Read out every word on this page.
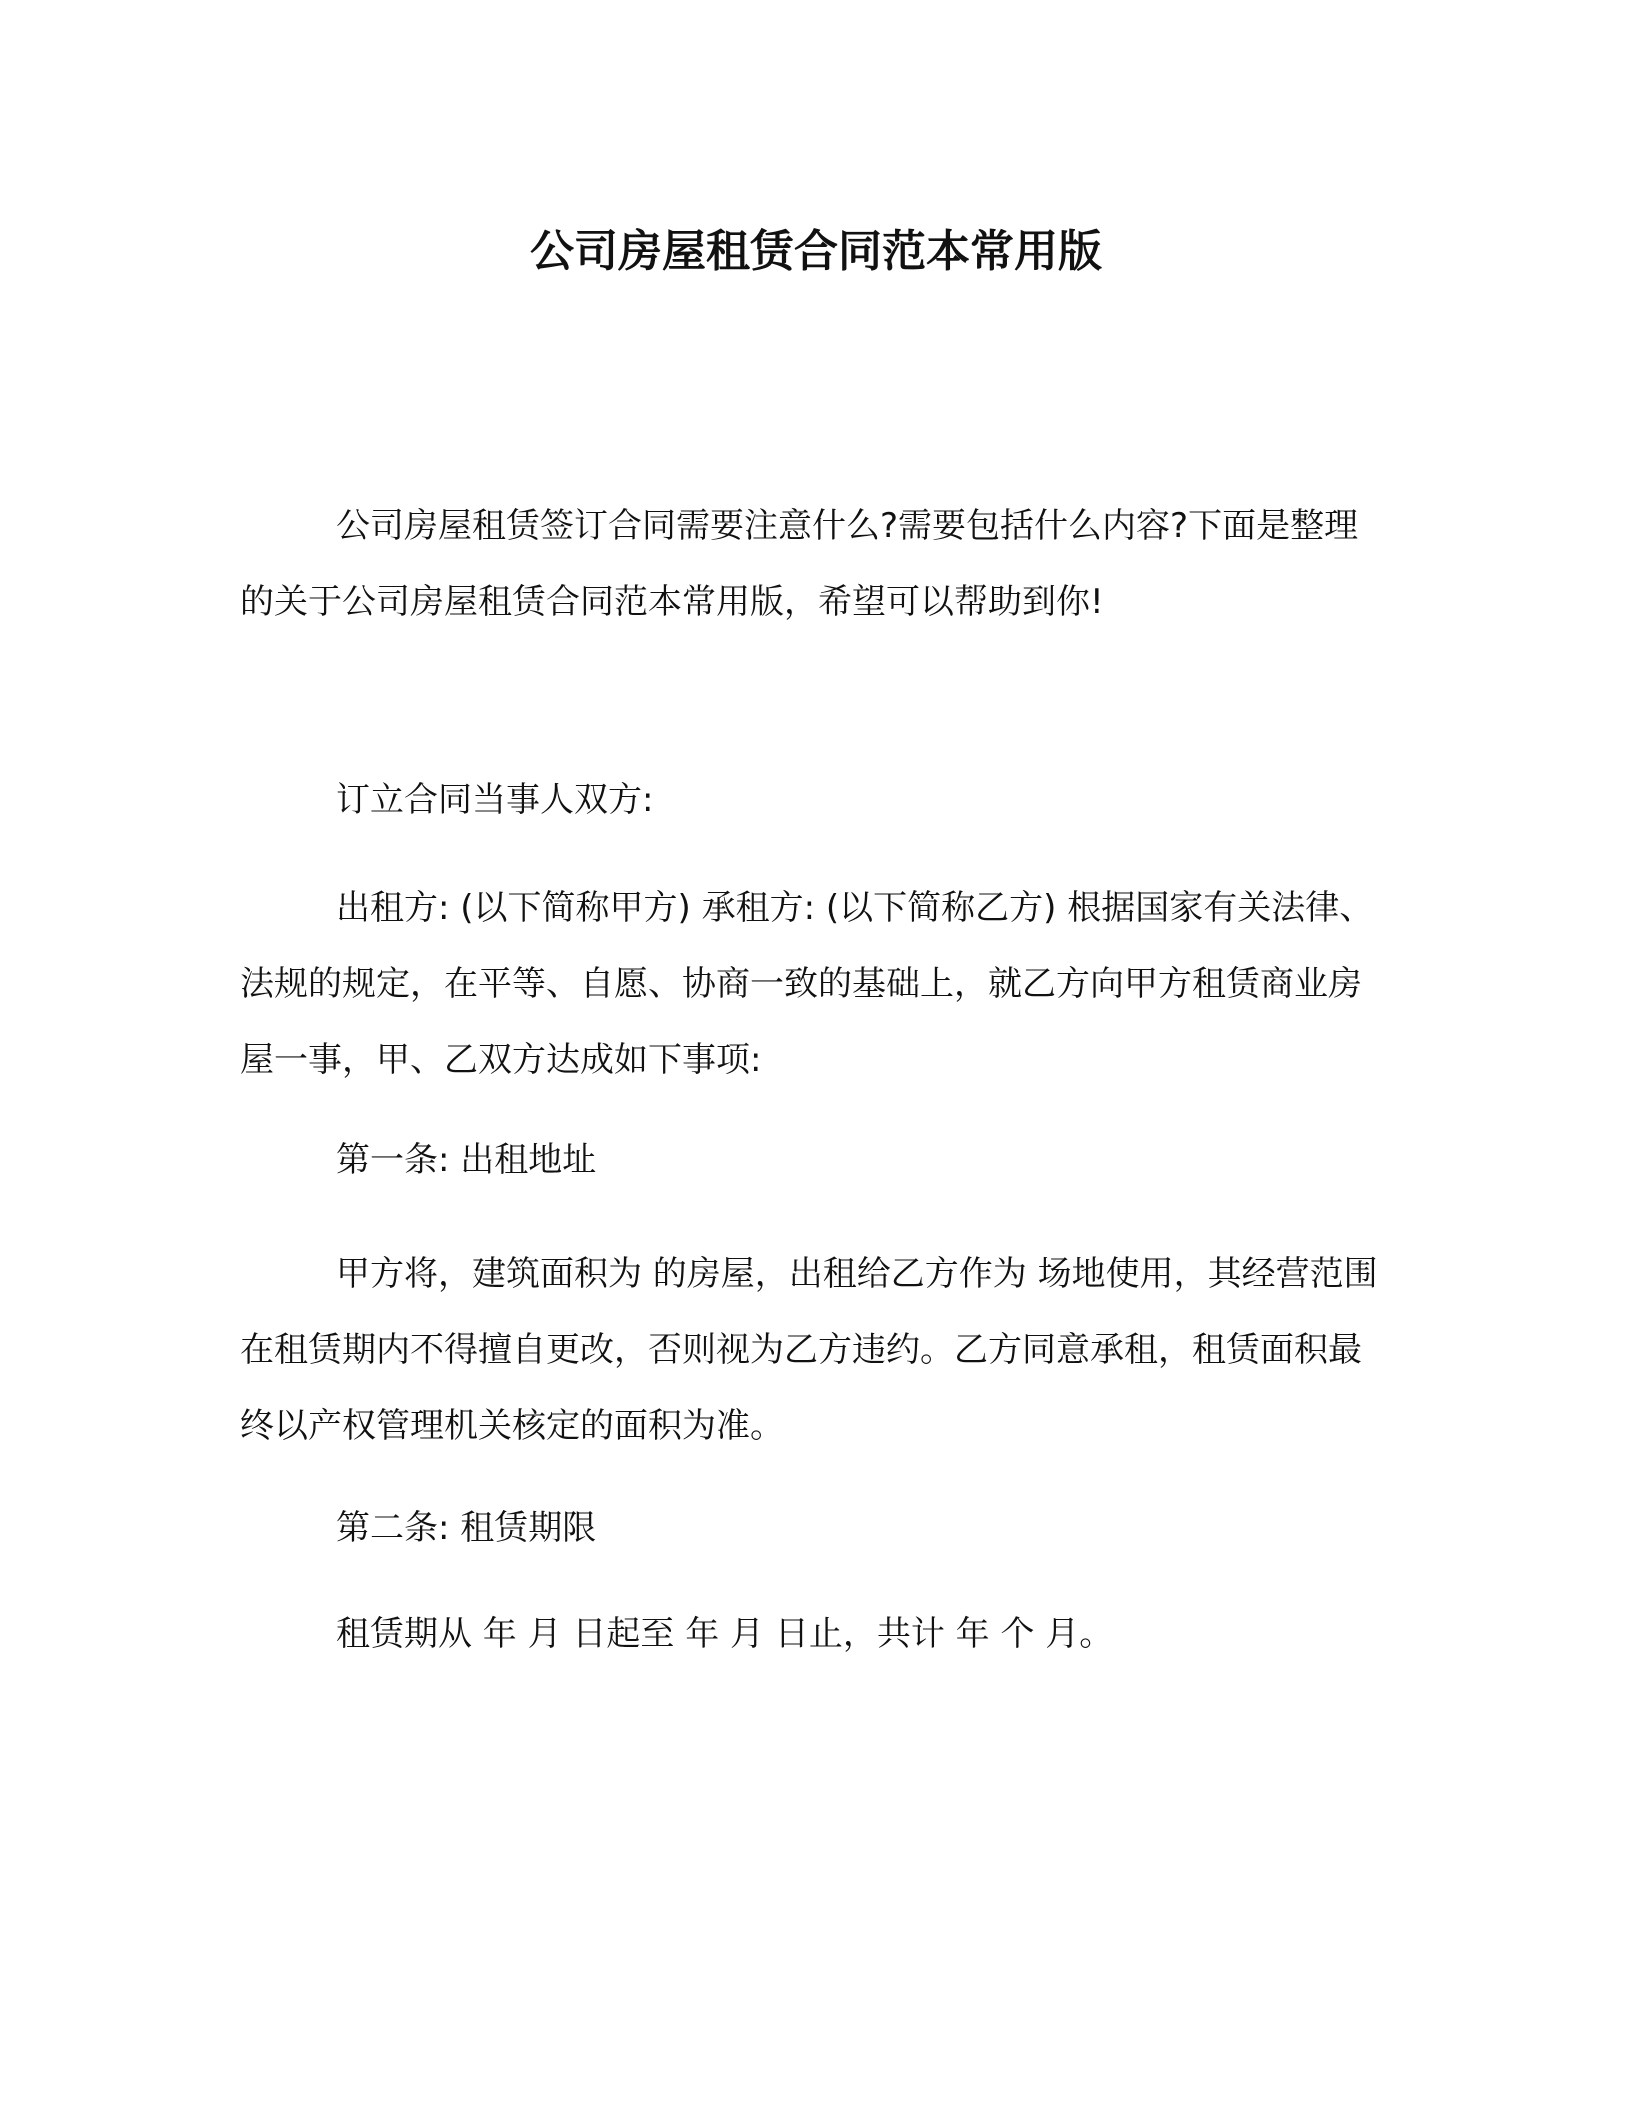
公司房屋租赁合同范本常用版

公司房屋租赁签订合同需要注意什么?需要包括什么内容?下面是整理的关于公司房屋租赁合同范本常用版，希望可以帮助到你!

订立合同当事人双方:

出租方: (以下简称甲方) 承租方: (以下简称乙方) 根据国家有关法律、法规的规定，在平等、自愿、协商一致的基础上，就乙方向甲方租赁商业房屋一事，甲、乙双方达成如下事项:

第一条: 出租地址

甲方将，建筑面积为 的房屋，出租给乙方作为 场地使用，其经营范围在租赁期内不得擅自更改，否则视为乙方违约。乙方同意承租，租赁面积最终以产权管理机关核定的面积为准。

第二条: 租赁期限

租赁期从 年 月 日起至 年 月 日止，共计 年 个 月。
